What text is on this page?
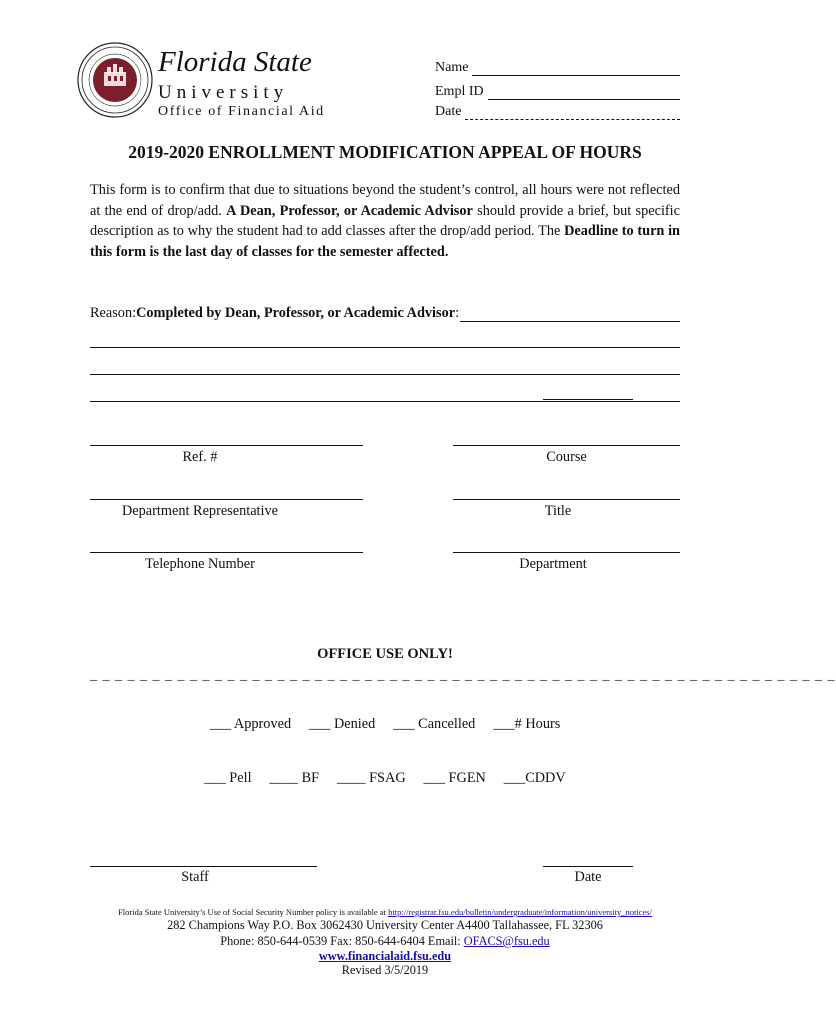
Florida State
University
Office of Financial Aid
Name
Empl ID
Date
2019-2020 ENROLLMENT MODIFICATION APPEAL OF HOURS
This form is to confirm that due to situations beyond the student’s control, all hours were not reflected at the end of drop/add. A Dean, Professor, or Academic Advisor should provide a brief, but specific description as to why the student had to add classes after the drop/add period. The Deadline to turn in this form is the last day of classes for the semester affected.
Reason: Completed by Dean, Professor, or Academic Advisor :
Ref. #	Course
Department Representative	Title
Telephone Number	Department
OFFICE USE ONLY!
_ _ _ _ _ _ _ _ _ _ _ _ _ _ _ _ _ _ _ _ _ _ _ _ _ _ _ _ _ _ _ _ _ _ _ _ _ _ _ _ _ _ _ _ _ _ _ _ _ _ _ _ _ _ _ _ _ _ _ _
___ Approved     ___ Denied     ___ Cancelled     ___# Hours
___ Pell     ____ BF     ____ FSAG     ___ FGEN     ___CDDV
Staff	Date
Florida State University’s Use of Social Security Number policy is available at http://registrar.fsu.edu/bulletin/undergraduate/information/university_notices/
282 Champions Way P.O. Box 3062430 University Center A4400 Tallahassee, FL 32306
Phone: 850-644-0539 Fax: 850-644-6404 Email: OFACS@fsu.edu
www.financialaid.fsu.edu
Revised 3/5/2019
